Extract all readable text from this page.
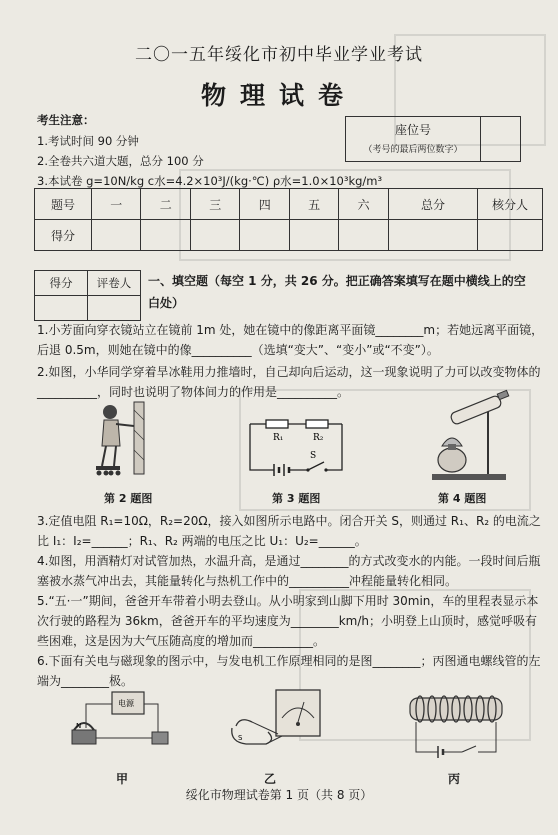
二〇一五年绥化市初中毕业学业考试
物理试卷
考生注意：
1.考试时间 90 分钟
2.全卷共六道大题，总分 100 分
3.本试卷 g=10N/kg c水=4.2×10³J/(kg·℃) ρ水=1.0×10³kg/m³
座位号
（考号的最后两位数字）
题号	一	二	三	四	五	六	总分	核分人
得分								
得分	评卷人
	一、填空题（每空 1 分，共 26 分。把正确答案填写在题中横线上的空白处）
1.小芳面向穿衣镜站立在镜前 1m 处，她在镜中的像距离平面镜________m；若她远离平面镜，后退 0.5m，则她在镜中的像__________（选填“变大”、“变小”或“不变”）。
2.如图，小华同学穿着旱冰鞋用力推墙时，自己却向后运动，这一现象说明了力可以改变物体的__________，同时也说明了物体间力的作用是__________。
第 2 题图
R₁	R₂
S
第 3 题图	第 4 题图
3.定值电阻 R₁=10Ω，R₂=20Ω，接入如图所示电路中。闭合开关 S，则通过 R₁、R₂ 的电流之比 I₁：I₂=______；R₁、R₂ 两端的电压之比 U₁：U₂=______。
4.如图，用酒精灯对试管加热，水温升高，是通过________的方式改变水的内能。一段时间后瓶塞被水蒸气冲出去，其能量转化与热机工作中的__________冲程能量转化相同。
5.“五·一”期间，爸爸开车带着小明去登山。从小明家到山脚下用时 30min，车的里程表显示本次行驶的路程为 36km，爸爸开车的平均速度为________km/h；小明登上山顶时，感觉呼吸有些困难，这是因为大气压随高度的增加而__________。
6.下面有关电与磁现象的图示中，与发电机工作原理相同的是图________；丙图通电螺线管的左端为________极。
电源
N
甲
S
乙	丙
绥化市物理试卷第 1 页（共 8 页）
